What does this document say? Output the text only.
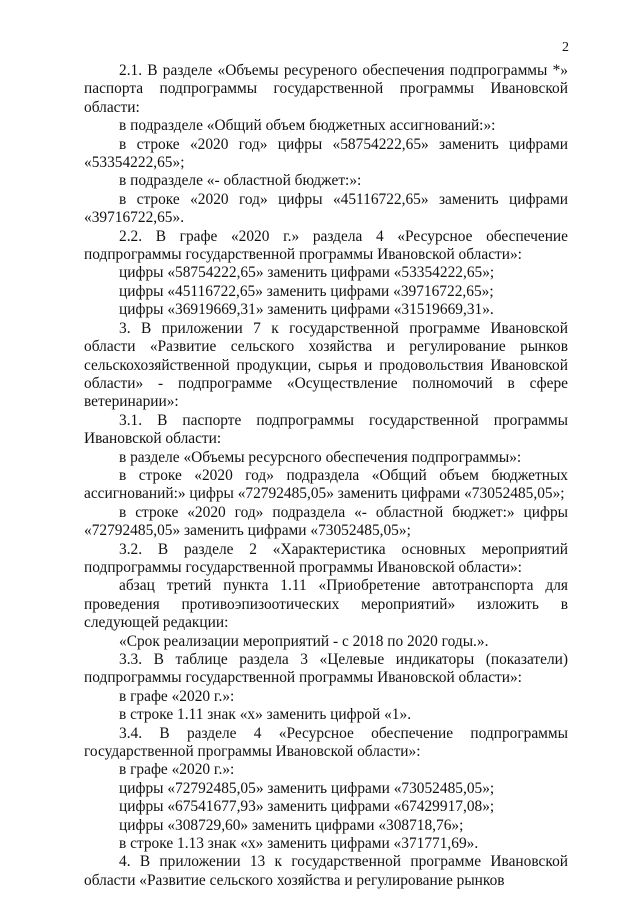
2

2.1. В разделе «Объемы ресуреного обеспечения подпрограммы *» паспорта подпрограммы государственной программы Ивановской области:

в подразделе «Общий объем бюджетных ассигнований:»:

в строке «2020 год» цифры «58754222,65» заменить цифрами «53354222,65»;

в подразделе «- областной бюджет:»:

в строке «2020 год» цифры «45116722,65» заменить цифрами «39716722,65».

2.2. В графе «2020 г.» раздела 4 «Ресурсное обеспечение подпрограммы государственной программы Ивановской области»:

цифры «58754222,65» заменить цифрами «53354222,65»;

цифры «45116722,65» заменить цифрами «39716722,65»;

цифры «36919669,31» заменить цифрами «31519669,31».

3. В приложении 7 к государственной программе Ивановской области «Развитие сельского хозяйства и регулирование рынков сельскохозяйственной продукции, сырья и продовольствия Ивановской области» - подпрограмме «Осуществление полномочий в сфере ветеринарии»:

3.1. В паспорте подпрограммы государственной программы Ивановской области:

в разделе «Объемы ресурсного обеспечения подпрограммы»:

в строке «2020 год» подраздела «Общий объем бюджетных ассигнований:» цифры «72792485,05» заменить цифрами «73052485,05»;

в строке «2020 год» подраздела «- областной бюджет:» цифры «72792485,05» заменить цифрами «73052485,05»;

3.2. В разделе 2 «Характеристика основных мероприятий подпрограммы государственной программы Ивановской области»:

абзац третий пункта 1.11 «Приобретение автотранспорта для проведения противоэпизоотических мероприятий» изложить в следующей редакции:

«Срок реализации мероприятий - с 2018 по 2020 годы.».

3.3. В таблице раздела 3 «Целевые индикаторы (показатели) подпрограммы государственной программы Ивановской области»:

в графе «2020 г.»:

в строке 1.11 знак «х» заменить цифрой «1».

3.4. В разделе 4 «Ресурсное обеспечение подпрограммы государственной программы Ивановской области»:

в графе «2020 г.»:

цифры «72792485,05» заменить цифрами «73052485,05»;

цифры «67541677,93» заменить цифрами «67429917,08»;

цифры «308729,60» заменить цифрами «308718,76»;

в строке 1.13 знак «х» заменить цифрами «371771,69».

4. В приложении 13 к государственной программе Ивановской области «Развитие сельского хозяйства и регулирование рынков
